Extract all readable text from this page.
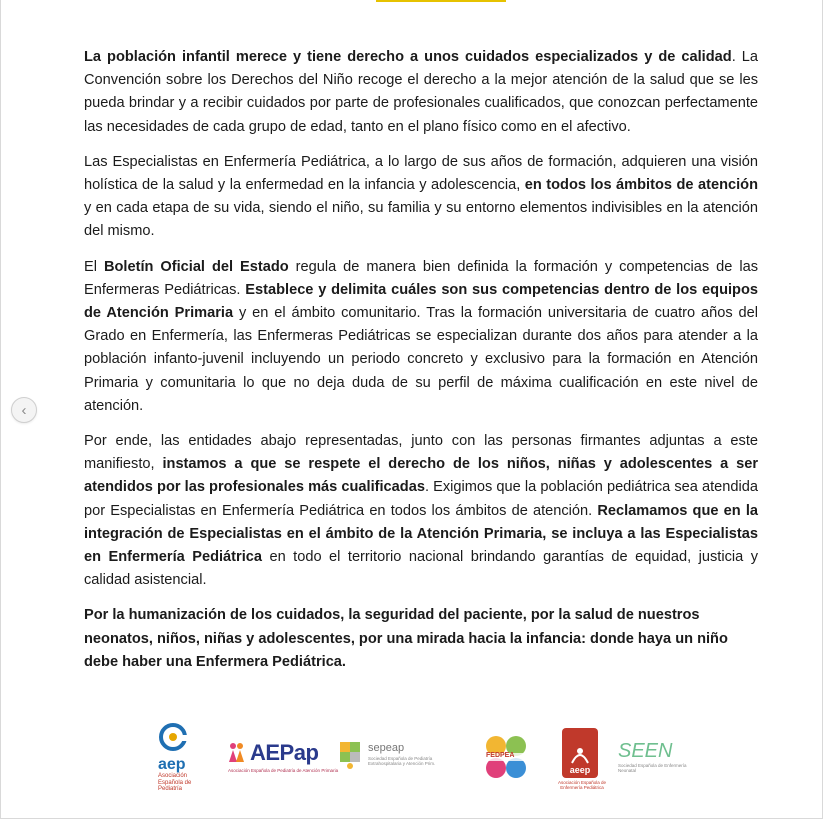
‹

La población infantil merece y tiene derecho a unos cuidados especializados y de calidad. La Convención sobre los Derechos del Niño recoge el derecho a la mejor atención de la salud que se les pueda brindar y a recibir cuidados por parte de profesionales cualificados, que conozcan perfectamente las necesidades de cada grupo de edad, tanto en el plano físico como en el afectivo.

Las Especialistas en Enfermería Pediátrica, a lo largo de sus años de formación, adquieren una visión holística de la salud y la enfermedad en la infancia y adolescencia, en todos los ámbitos de atención y en cada etapa de su vida, siendo el niño, su familia y su entorno elementos indivisibles en la atención del mismo.

El Boletín Oficial del Estado regula de manera bien definida la formación y competencias de las Enfermeras Pediátricas. Establece y delimita cuáles son sus competencias dentro de los equipos de Atención Primaria y en el ámbito comunitario. Tras la formación universitaria de cuatro años del Grado en Enfermería, las Enfermeras Pediátricas se especializan durante dos años para atender a la población infanto-juvenil incluyendo un periodo concreto y exclusivo para la formación en Atención Primaria y comunitaria lo que no deja duda de su perfil de máxima cualificación en este nivel de atención.

Por ende, las entidades abajo representadas, junto con las personas firmantes adjuntas a este manifiesto, instamos a que se respete el derecho de los niños, niñas y adolescentes a ser atendidos por las profesionales más cualificadas. Exigimos que la población pediátrica sea atendida por Especialistas en Enfermería Pediátrica en todos los ámbitos de atención. Reclamamos que en la integración de Especialistas en el ámbito de la Atención Primaria, se incluya a las Especialistas en Enfermería Pediátrica en todo el territorio nacional brindando garantías de equidad, justicia y calidad asistencial.

Por la humanización de los cuidados, la seguridad del paciente, por la salud de nuestros neonatos, niños, niñas y adolescentes, por una mirada hacia la infancia: donde haya un niño debe haber una Enfermera Pediátrica.

aep
Asociación Española de Pediatría
AEPap
Asociación Española de Pediatría de Atención Primaria
sepeap
Sociedad Española de Pediatría Extrahospitalaria y Atención Prim.
FEDPEA
aeep
Asociación Española de Enfermería Pediátrica
SEEN
Sociedad Española de Enfermería Neonatal
